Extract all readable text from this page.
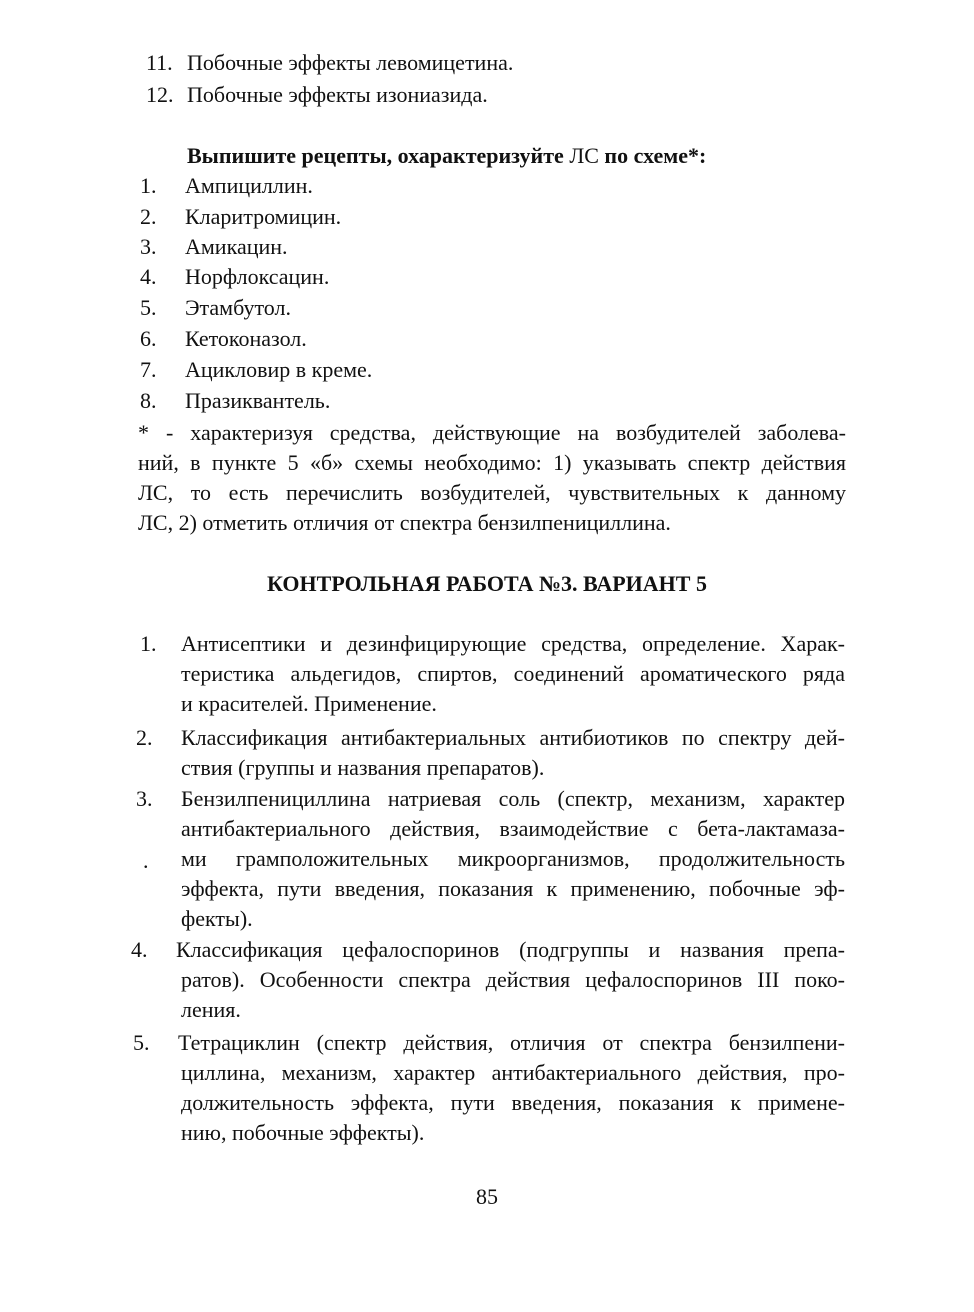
11. Побочные эффекты левомицетина.
12. Побочные эффекты изониазида.
Выпишите рецепты, охарактеризуйте ЛС по схеме*:
1. Ампициллин.
2. Кларитромицин.
3. Амикацин.
4. Норфлоксацин.
5. Этамбутол.
6. Кетоконазол.
7. Ацикловир в креме.
8. Празиквантель.
* - характеризуя средства, действующие на возбудителей заболева-
ний, в пункте 5 «б» схемы необходимо: 1) указывать спектр действия
ЛС, то есть перечислить возбудителей, чувствительных к данному
ЛС, 2) отметить отличия от спектра бензилпенициллина.
КОНТРОЛЬНАЯ РАБОТА №3. ВАРИАНТ 5
1. Антисептики и дезинфицирующие средства, определение. Харак-
теристика альдегидов, спиртов, соединений ароматического ряда
и красителей. Применение.
2. Классификация антибактериальных антибиотиков по спектру дей-
ствия (группы и названия препаратов).
3.
.
Бензилпенициллина натриевая соль (спектр, механизм, характер
антибактериального действия, взаимодействие с бета-лактамаза-
ми грамположительных микроорганизмов, продолжительность
эффекта, пути введения, показания к применению, побочные эф-
фекты).
4. Классификация цефалоспоринов (подгруппы и названия препа-
ратов). Особенности спектра действия цефалоспоринов III поко-
ления.
5. Тетрациклин (спектр действия, отличия от спектра бензилпени-
циллина, механизм, характер антибактериального действия, про-
должительность эффекта, пути введения, показания к примене-
нию, побочные эффекты).
85
